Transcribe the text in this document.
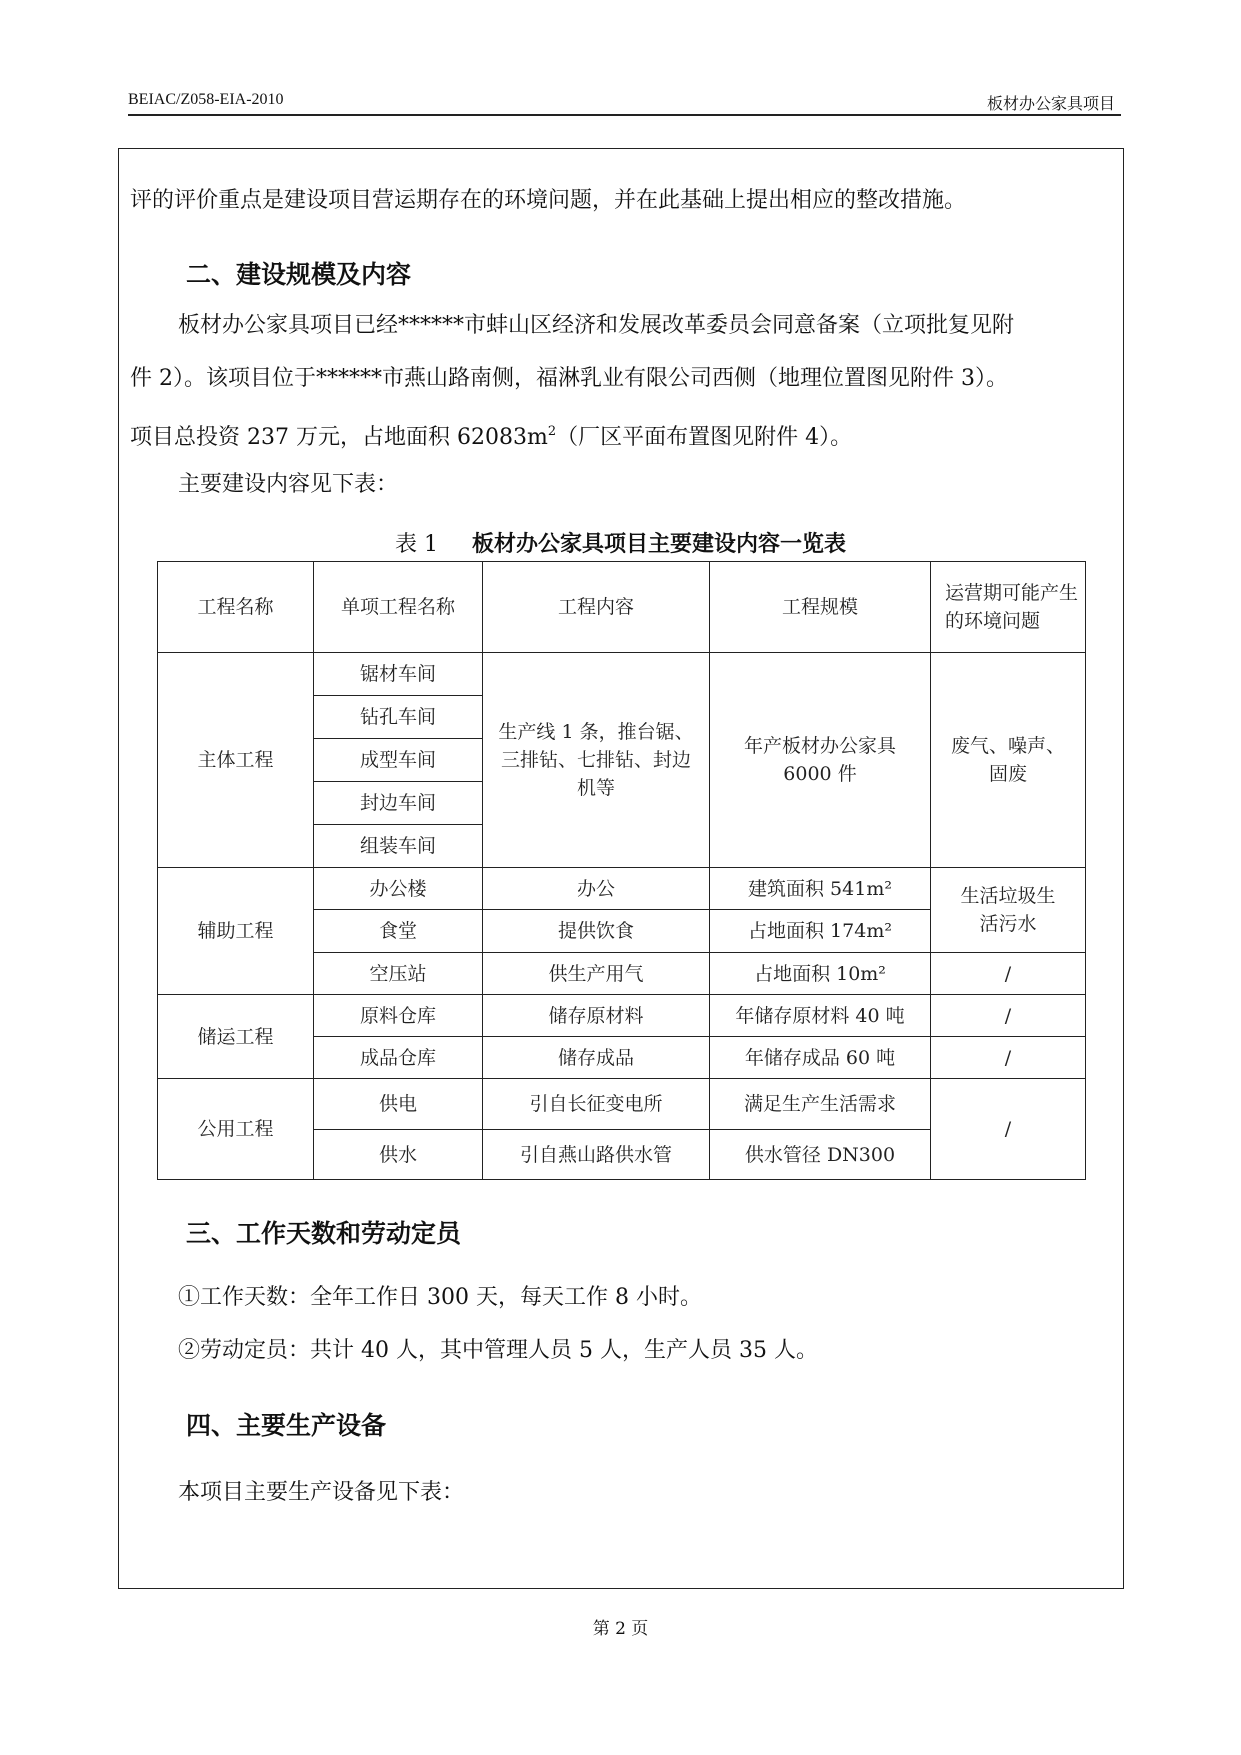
BEIAC/Z058-EIA-2010	板材办公家具项目
评的评价重点是建设项目营运期存在的环境问题，并在此基础上提出相应的整改措施。
二、建设规模及内容
板材办公家具项目已经******市蚌山区经济和发展改革委员会同意备案（立项批复见附
件 2）。该项目位于******市燕山路南侧，福淋乳业有限公司西侧（地理位置图见附件 3）。
项目总投资 237 万元，占地面积 $62083m^2$（厂区平面布置图见附件 4）。
主要建设内容见下表：
表 1 板材办公家具项目主要建设内容一览表
工程名称	单项工程名称	工程内容	工程规模	运营期可能产生的环境问题
主体工程	锯材车间	生产线 1 条，推台锯、三排钻、七排钻、封边机等	年产板材办公家具 6000 件	废气、噪声、固废
	钻孔车间			
	成型车间			
	封边车间			
	组装车间			
辅助工程	办公楼	办公	建筑面积 541m²	生活垃圾生活污水
	食堂	提供饮食	占地面积 174m²	
	空压站	供生产用气	占地面积 10m²	/
储运工程	原料仓库	储存原材料	年储存原材料 40 吨	/
	成品仓库	储存成品	年储存成品 60 吨	/
公用工程	供电	引自长征变电所	满足生产生活需求	/
	供水	引自燕山路供水管	供水管径 DN300	
三、工作天数和劳动定员
①工作天数：全年工作日 300 天，每天工作 8 小时。
②劳动定员：共计 40 人，其中管理人员 5 人，生产人员 35 人。
四、主要生产设备
本项目主要生产设备见下表：
第 2 页
